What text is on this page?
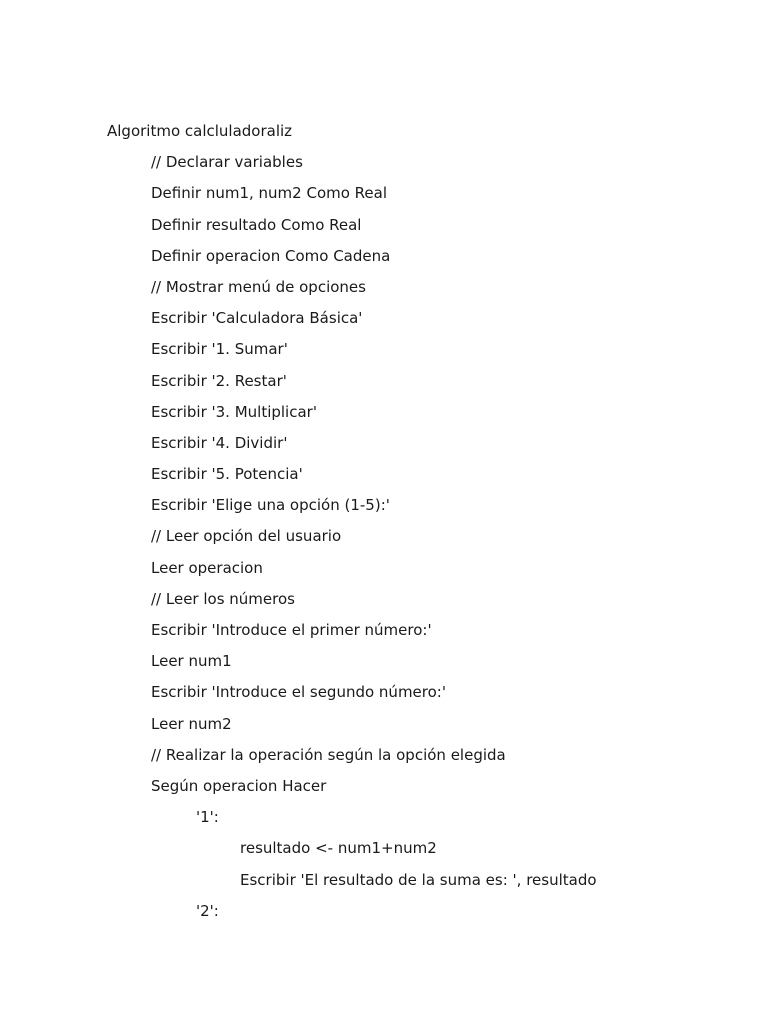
Algoritmo calcluladoraliz
// Declarar variables
Definir num1, num2 Como Real
Definir resultado Como Real
Definir operacion Como Cadena
// Mostrar menú de opciones
Escribir 'Calculadora Básica'
Escribir '1. Sumar'
Escribir '2. Restar'
Escribir '3. Multiplicar'
Escribir '4. Dividir'
Escribir '5. Potencia'
Escribir 'Elige una opción (1-5):'
// Leer opción del usuario
Leer operacion
// Leer los números
Escribir 'Introduce el primer número:'
Leer num1
Escribir 'Introduce el segundo número:'
Leer num2
// Realizar la operación según la opción elegida
Según operacion Hacer
'1':
resultado <- num1+num2
Escribir 'El resultado de la suma es: ', resultado
'2':
